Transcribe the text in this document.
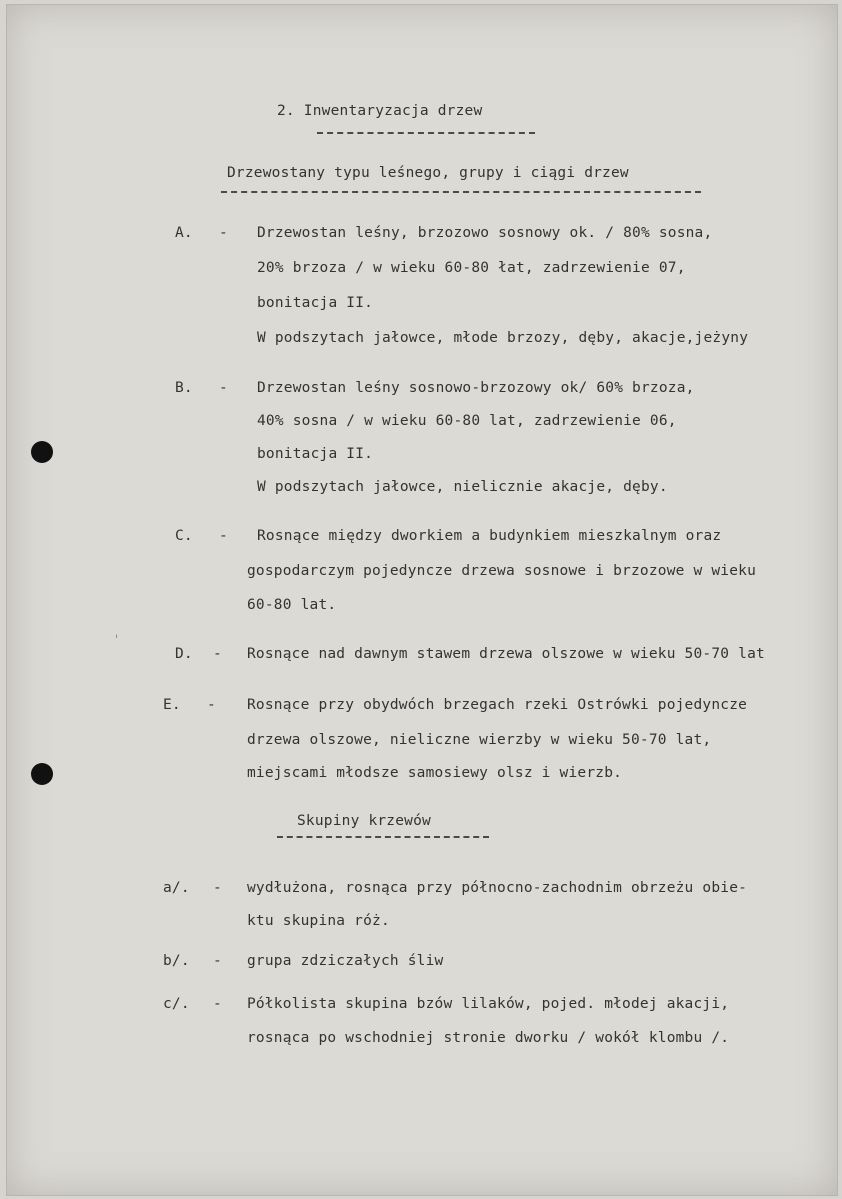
ˌ
2. Inwentaryzacja drzew
Drzewostany typu leśnego, grupy i ciągi drzew
A. - Drzewostan leśny, brzozowo sosnowy ok. / 80% sosna,
20% brzoza / w wieku 60-80 łat, zadrzewienie 07,
bonitacja II.
W podszytach jałowce, młode brzozy, dęby, akacje,jeżyny
B. - Drzewostan leśny sosnowo-brzozowy ok/ 60% brzoza,
40% sosna / w wieku 60-80 lat, zadrzewienie 06,
bonitacja II.
W podszytach jałowce, nielicznie akacje, dęby.
C. - Rosnące między dworkiem a budynkiem mieszkalnym oraz
gospodarczym pojedyncze drzewa sosnowe i brzozowe w wieku
60-80 lat.
D. - Rosnące nad dawnym stawem drzewa olszowe w wieku 50-70 lat
E. - Rosnące przy obydwóch brzegach rzeki Ostrówki pojedyncze
drzewa olszowe, nieliczne wierzby w wieku 50-70 lat,
miejscami młodsze samosiewy olsz i wierzb.
Skupiny krzewów
a/. - wydłużona, rosnąca przy północno-zachodnim obrzeżu obie-
ktu skupina róż.
b/. - grupa zdziczałych śliw
c/. - Półkolista skupina bzów lilaków, pojed. młodej akacji,
rosnąca po wschodniej stronie dworku / wokół klombu /.
